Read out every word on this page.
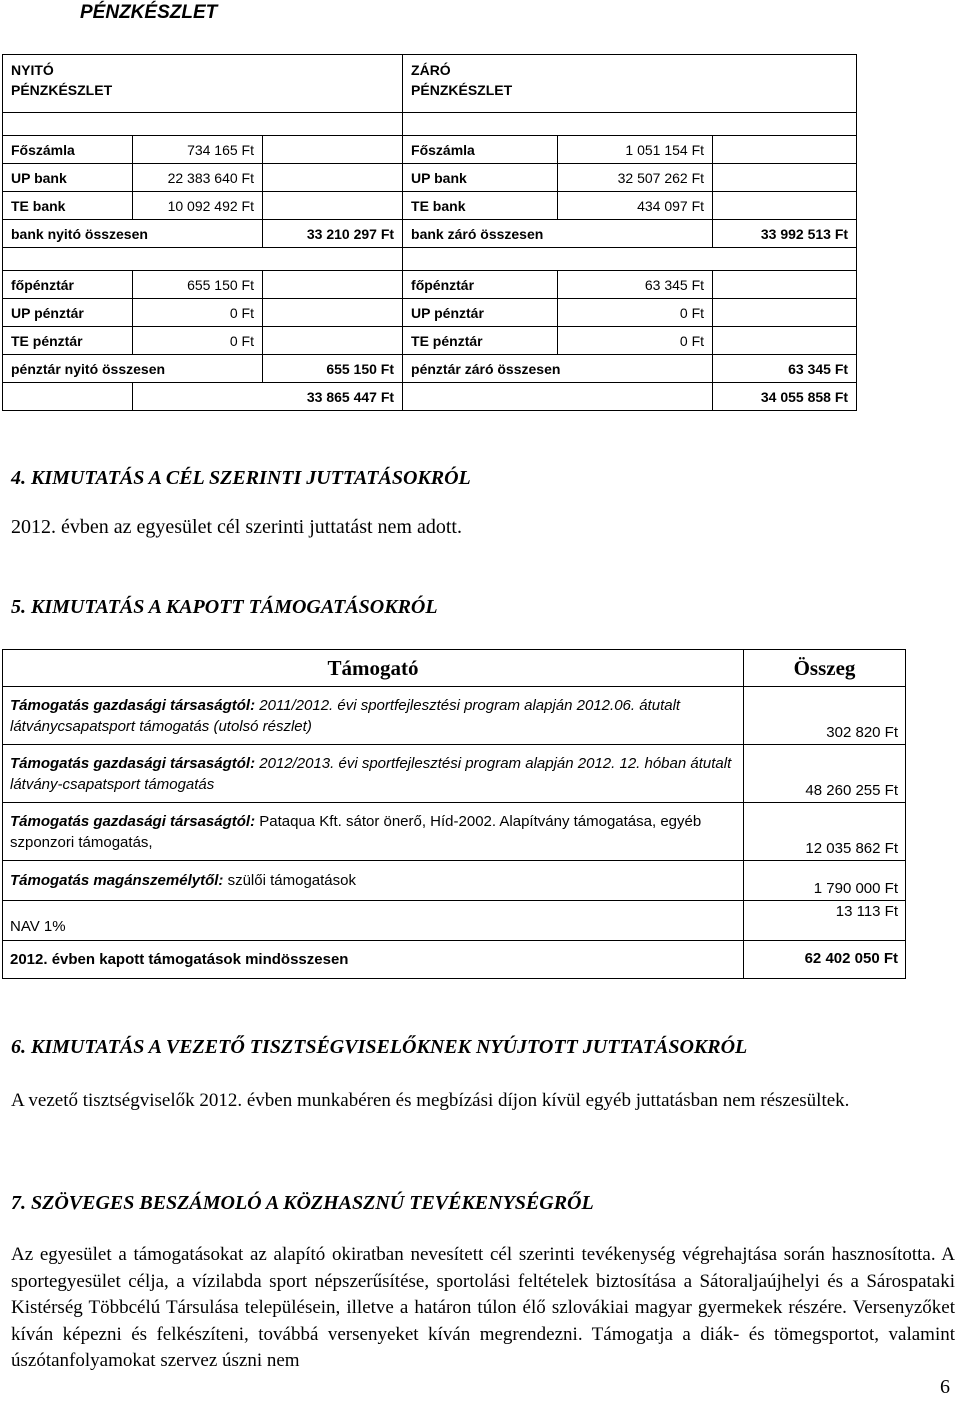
PÉNZKÉSZLET
NYITÓ PÉNZKÉSZLET			ZÁRÓ PÉNZKÉSZLET		

Főszámla	734 165 Ft		Főszámla	1 051 154 Ft	
UP bank	22 383 640 Ft		UP bank	32 507 262 Ft	
TE bank	10 092 492 Ft		TE bank	434 097 Ft	
bank nyitó összesen		33 210 297 Ft	bank záró összesen		33 992 513 Ft

főpénztár	655 150 Ft		főpénztár	63 345 Ft	
UP pénztár	0 Ft		UP pénztár	0 Ft	
TE pénztár	0 Ft		TE pénztár	0 Ft	
pénztár nyitó összesen		655 150 Ft	pénztár záró összesen		63 345 Ft
	33 865 447 Ft				34 055 858 Ft
4. KIMUTATÁS A CÉL SZERINTI JUTTATÁSOKRÓL
2012. évben az egyesület cél szerinti juttatást nem adott.
5. KIMUTATÁS A KAPOTT TÁMOGATÁSOKRÓL
Támogató	Összeg
Támogatás gazdasági társaságtól: 2011/2012. évi sportfejlesztési program alapján 2012.06. átutalt látványcsapatsport támogatás (utolsó részlet)	302 820 Ft
Támogatás gazdasági társaságtól: 2012/2013. évi sportfejlesztési program alapján 2012. 12. hóban átutalt látvány-csapatsport támogatás	48 260 255 Ft
Támogatás gazdasági társaságtól: Pataqua Kft. sátor önerő, Híd-2002. Alapítvány támogatása, egyéb szponzori támogatás,	12 035 862 Ft
Támogatás magánszemélytől: szülői támogatások	1 790 000 Ft
NAV 1%	13 113 Ft
2012. évben kapott támogatások mindösszesen	62 402 050 Ft
6. KIMUTATÁS A VEZETŐ TISZTSÉGVISELŐKNEK NYÚJTOTT JUTTATÁSOKRÓL
A vezető tisztségviselők 2012. évben munkabéren és megbízási díjon kívül egyéb juttatásban nem részesültek.
7. SZÖVEGES BESZÁMOLÓ A KÖZHASZNÚ TEVÉKENYSÉGRŐL
Az egyesület a támogatásokat az alapító okiratban nevesített cél szerinti tevékenység végrehajtása során hasznosította. A sportegyesület célja, a vízilabda sport népszerűsítése, sportolási feltételek biztosítása a Sátoraljaújhelyi és a Sárospataki Kistérség Többcélú Társulása településein, illetve a határon túlon élő szlovákiai magyar gyermekek részére. Versenyzőket kíván képezni és felkészíteni, továbbá versenyeket kíván megrendezni. Támogatja a diák- és tömegsportot, valamint úszótanfolyamokat szervez úszni nem
6
